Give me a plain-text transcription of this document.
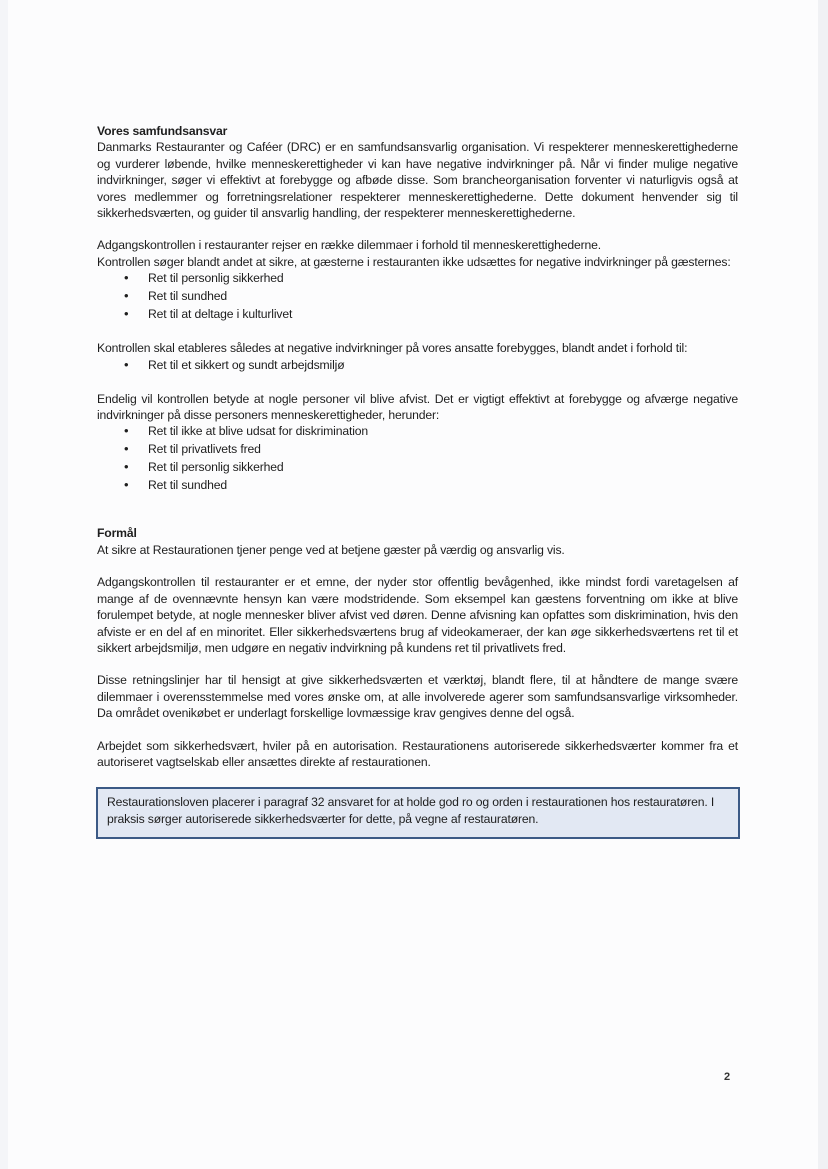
Vores samfundsansvar

Danmarks Restauranter og Caféer (DRC) er en samfundsansvarlig organisation. Vi respekterer menneskerettighederne og vurderer løbende, hvilke menneskerettigheder vi kan have negative indvirkninger på. Når vi finder mulige negative indvirkninger, søger vi effektivt at forebygge og afbøde disse. Som brancheorganisation forventer vi naturligvis også at vores medlemmer og forretningsrelationer respekterer menneskerettighederne. Dette dokument henvender sig til sikkerhedsværten, og guider til ansvarlig handling, der respekterer menneskerettighederne.

Adgangskontrollen i restauranter rejser en række dilemmaer i forhold til menneskerettighederne.

Kontrollen søger blandt andet at sikre, at gæsterne i restauranten ikke udsættes for negative indvirkninger på gæsternes:

• Ret til personlig sikkerhed
• Ret til sundhed
• Ret til at deltage i kulturlivet

Kontrollen skal etableres således at negative indvirkninger på vores ansatte forebygges, blandt andet i forhold til:

• Ret til et sikkert og sundt arbejdsmiljø

Endelig vil kontrollen betyde at nogle personer vil blive afvist. Det er vigtigt effektivt at forebygge og afværge negative indvirkninger på disse personers menneskerettigheder, herunder:

• Ret til ikke at blive udsat for diskrimination
• Ret til privatlivets fred
• Ret til personlig sikkerhed
• Ret til sundhed

Formål

At sikre at Restaurationen tjener penge ved at betjene gæster på værdig og ansvarlig vis.

Adgangskontrollen til restauranter er et emne, der nyder stor offentlig bevågenhed, ikke mindst fordi varetagelsen af mange af de ovennævnte hensyn kan være modstridende. Som eksempel kan gæstens forventning om ikke at blive forulempet betyde, at nogle mennesker bliver afvist ved døren. Denne afvisning kan opfattes som diskrimination, hvis den afviste er en del af en minoritet. Eller sikkerhedsværtens brug af videokameraer, der kan øge sikkerhedsværtens ret til et sikkert arbejdsmiljø, men udgøre en negativ indvirkning på kundens ret til privatlivets fred.

Disse retningslinjer har til hensigt at give sikkerhedsværten et værktøj, blandt flere, til at håndtere de mange svære dilemmaer i overensstemmelse med vores ønske om, at alle involverede agerer som samfundsansvarlige virksomheder. Da området ovenikøbet er underlagt forskellige lovmæssige krav gengives denne del også.

Arbejdet som sikkerhedsvært, hviler på en autorisation. Restaurationens autoriserede sikkerhedsværter kommer fra et autoriseret vagtselskab eller ansættes direkte af restaurationen.

Restaurationsloven placerer i paragraf 32 ansvaret for at holde god ro og orden i restaurationen hos restauratøren. I praksis sørger autoriserede sikkerhedsværter for dette, på vegne af restauratøren.

2
